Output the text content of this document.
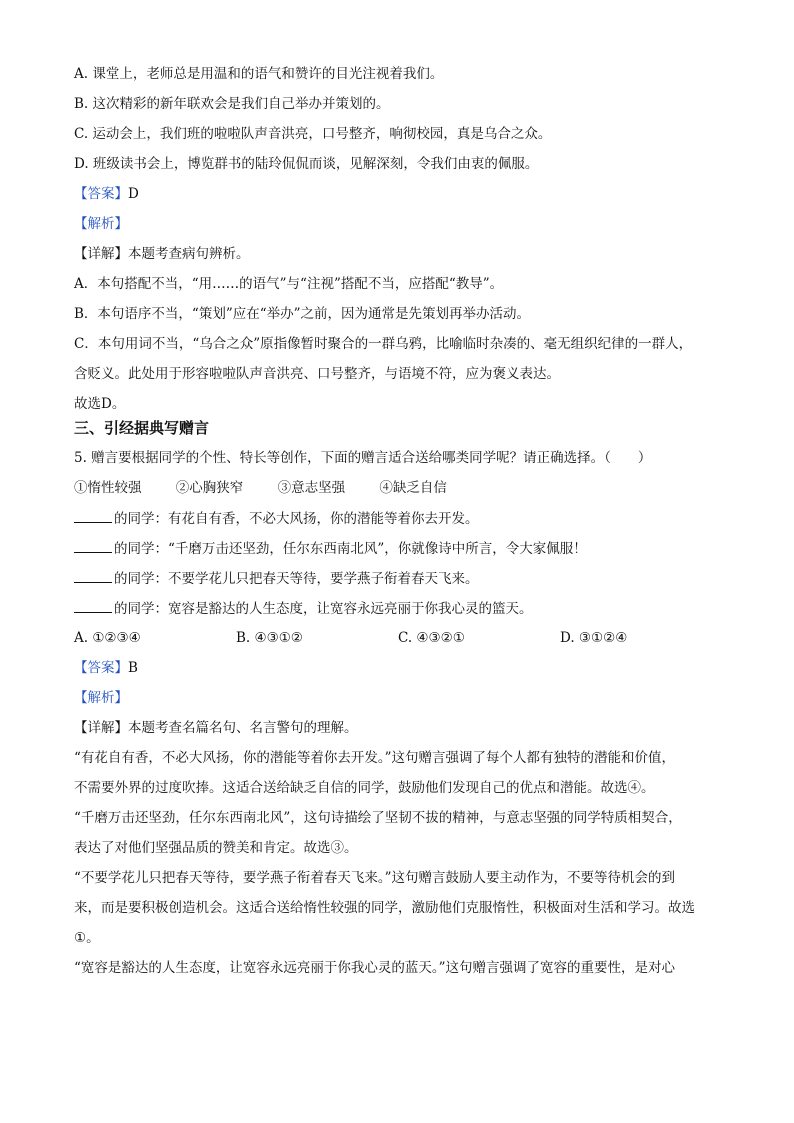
A. 课堂上，老师总是用温和的语气和赞许的目光注视着我们。
B. 这次精彩的新年联欢会是我们自己举办并策划的。
C. 运动会上，我们班的啦啦队声音洪亮，口号整齐，响彻校园，真是乌合之众。
D. 班级读书会上，博览群书的陆玲侃侃而谈，见解深刻，令我们由衷的佩服。
【答案】D
【解析】
【详解】本题考查病句辨析。
A．本句搭配不当，“用……的语气”与“注视”搭配不当，应搭配“教导”。
B．本句语序不当，“策划”应在“举办”之前，因为通常是先策划再举办活动。
C．本句用词不当，“乌合之众”原指像暂时聚合的一群乌鸦，比喻临时杂凑的、毫无组织纪律的一群人，
含贬义。此处用于形容啦啦队声音洪亮、口号整齐，与语境不符，应为褒义表达。
故选D。
三、引经据典写赠言
5. 赠言要根据同学的个性、特长等创作，下面的赠言适合送给哪类同学呢？请正确选择。（　　）
①惰性较强	②心胸狭窄	③意志坚强	④缺乏自信
的同学：有花自有香，不必大风扬，你的潜能等着你去开发。
的同学：“千磨万击还坚劲，任尔东西南北风”，你就像诗中所言，令大家佩服！
的同学：不要学花儿只把春天等待，要学燕子衔着春天飞来。
的同学：宽容是豁达的人生态度，让宽容永远亮丽于你我心灵的篮天。
A. ①②③④	B. ④③①②	C. ④③②①	D. ③①②④
【答案】B
【解析】
【详解】本题考查名篇名句、名言警句的理解。
“有花自有香，不必大风扬，你的潜能等着你去开发。”这句赠言强调了每个人都有独特的潜能和价值，
不需要外界的过度吹捧。这适合送给缺乏自信的同学，鼓励他们发现自己的优点和潜能。故选④。
“千磨万击还坚劲，任尔东西南北风”，这句诗描绘了坚韧不拔的精神，与意志坚强的同学特质相契合，
表达了对他们坚强品质的赞美和肯定。故选③。
“不要学花儿只把春天等待，要学燕子衔着春天飞来。”这句赠言鼓励人要主动作为，不要等待机会的到
来，而是要积极创造机会。这适合送给惰性较强的同学，激励他们克服惰性，积极面对生活和学习。故选
①。
“宽容是豁达的人生态度，让宽容永远亮丽于你我心灵的蓝天。”这句赠言强调了宽容的重要性，是对心
